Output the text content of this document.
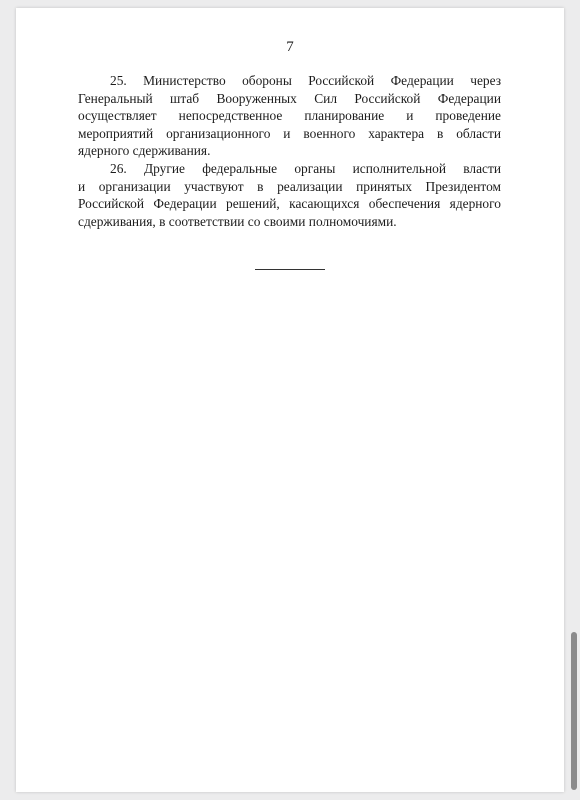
7

25. Министерство обороны Российской Федерации через
Генеральный штаб Вооруженных Сил Российской Федерации
осуществляет непосредственное планирование и проведение
мероприятий организационного и военного характера в области
ядерного сдерживания.

26. Другие федеральные органы исполнительной власти
и организации участвуют в реализации принятых Президентом
Российской Федерации решений, касающихся обеспечения ядерного
сдерживания, в соответствии со своими полномочиями.
